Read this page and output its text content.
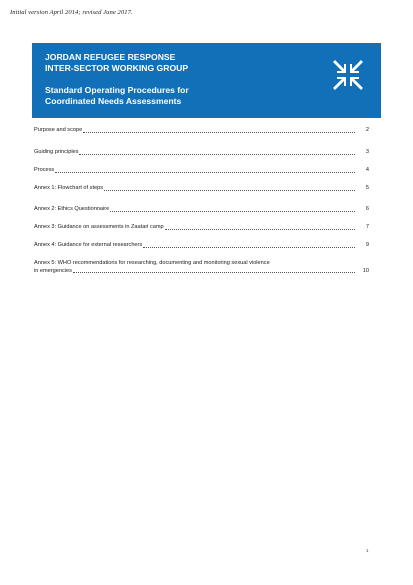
Initial version April 2014; revised June 2017.
JORDAN REFUGEE RESPONSE
INTER-SECTOR WORKING GROUP
Standard Operating Procedures for
Coordinated Needs Assessments
Purpose and scope	2
Guiding principles	3
Process	4
Annex 1: Flowchart of steps	5
Annex 2: Ethics Questionnaire	6
Annex 3: Guidance on assessments in Zaatari camp	7
Annex 4: Guidance for external researchers	9
Annex 5: WHO recommendations for researching, documenting and monitoring sexual violence
in emergencies	10
1
